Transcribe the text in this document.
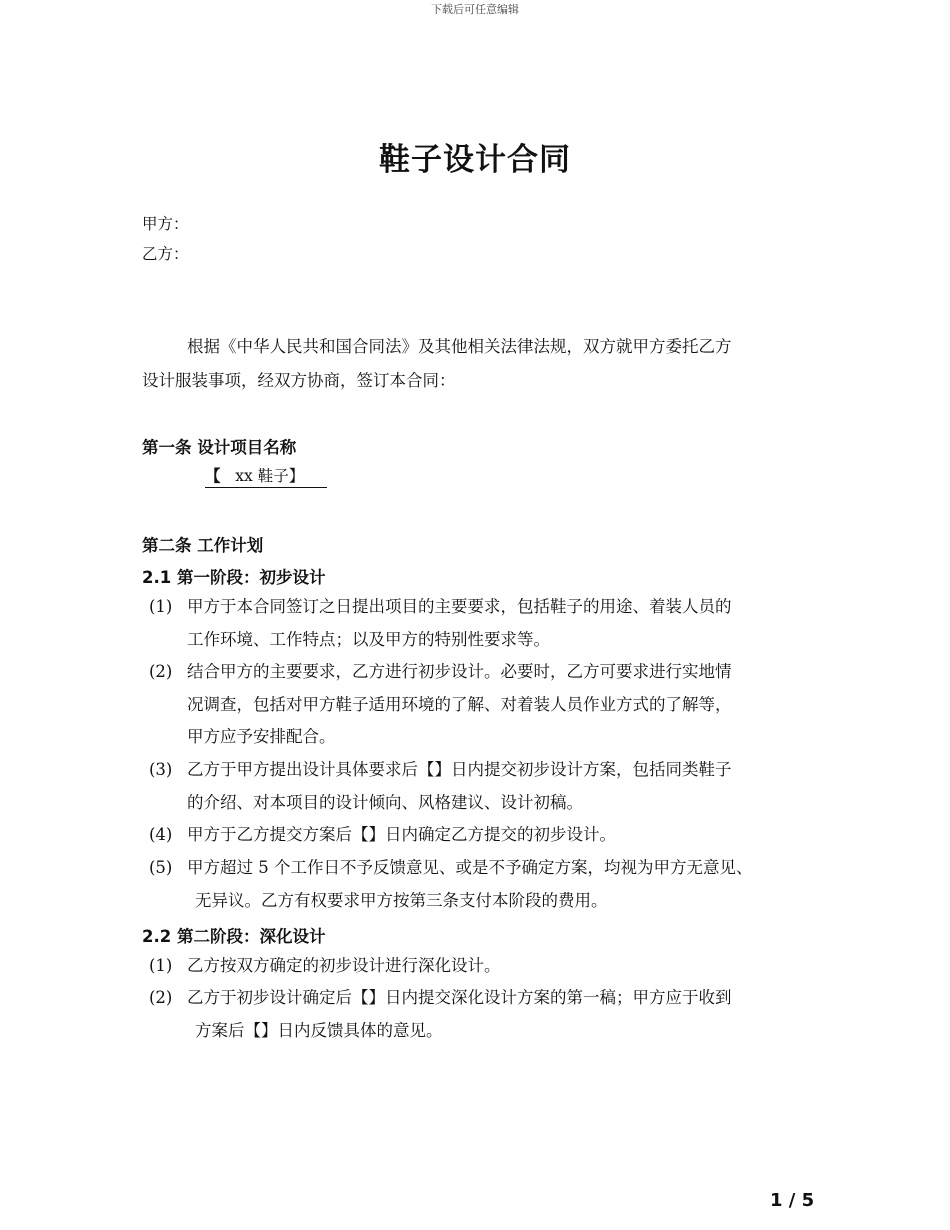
下载后可任意编辑
鞋子设计合同
甲方：
乙方：
根据《中华人民共和国合同法》及其他相关法律法规，双方就甲方委托乙方
设计服装事项，经双方协商，签订本合同：
第一条 设计项目名称
【 xx 鞋子】
第二条 工作计划
2.1 第一阶段：初步设计
(1) 甲方于本合同签订之日提出项目的主要要求，包括鞋子的用途、着装人员的
工作环境、工作特点；以及甲方的特别性要求等。
(2) 结合甲方的主要要求，乙方进行初步设计。必要时，乙方可要求进行实地情
况调查，包括对甲方鞋子适用环境的了解、对着装人员作业方式的了解等，
甲方应予安排配合。
(3) 乙方于甲方提出设计具体要求后【】日内提交初步设计方案，包括同类鞋子
的介绍、对本项目的设计倾向、风格建议、设计初稿。
(4) 甲方于乙方提交方案后【】日内确定乙方提交的初步设计。
(5) 甲方超过 5 个工作日不予反馈意见、或是不予确定方案，均视为甲方无意见、
无异议。乙方有权要求甲方按第三条支付本阶段的费用。
2.2 第二阶段：深化设计
(1) 乙方按双方确定的初步设计进行深化设计。
(2) 乙方于初步设计确定后【】日内提交深化设计方案的第一稿；甲方应于收到
方案后【】日内反馈具体的意见。
1 / 5
